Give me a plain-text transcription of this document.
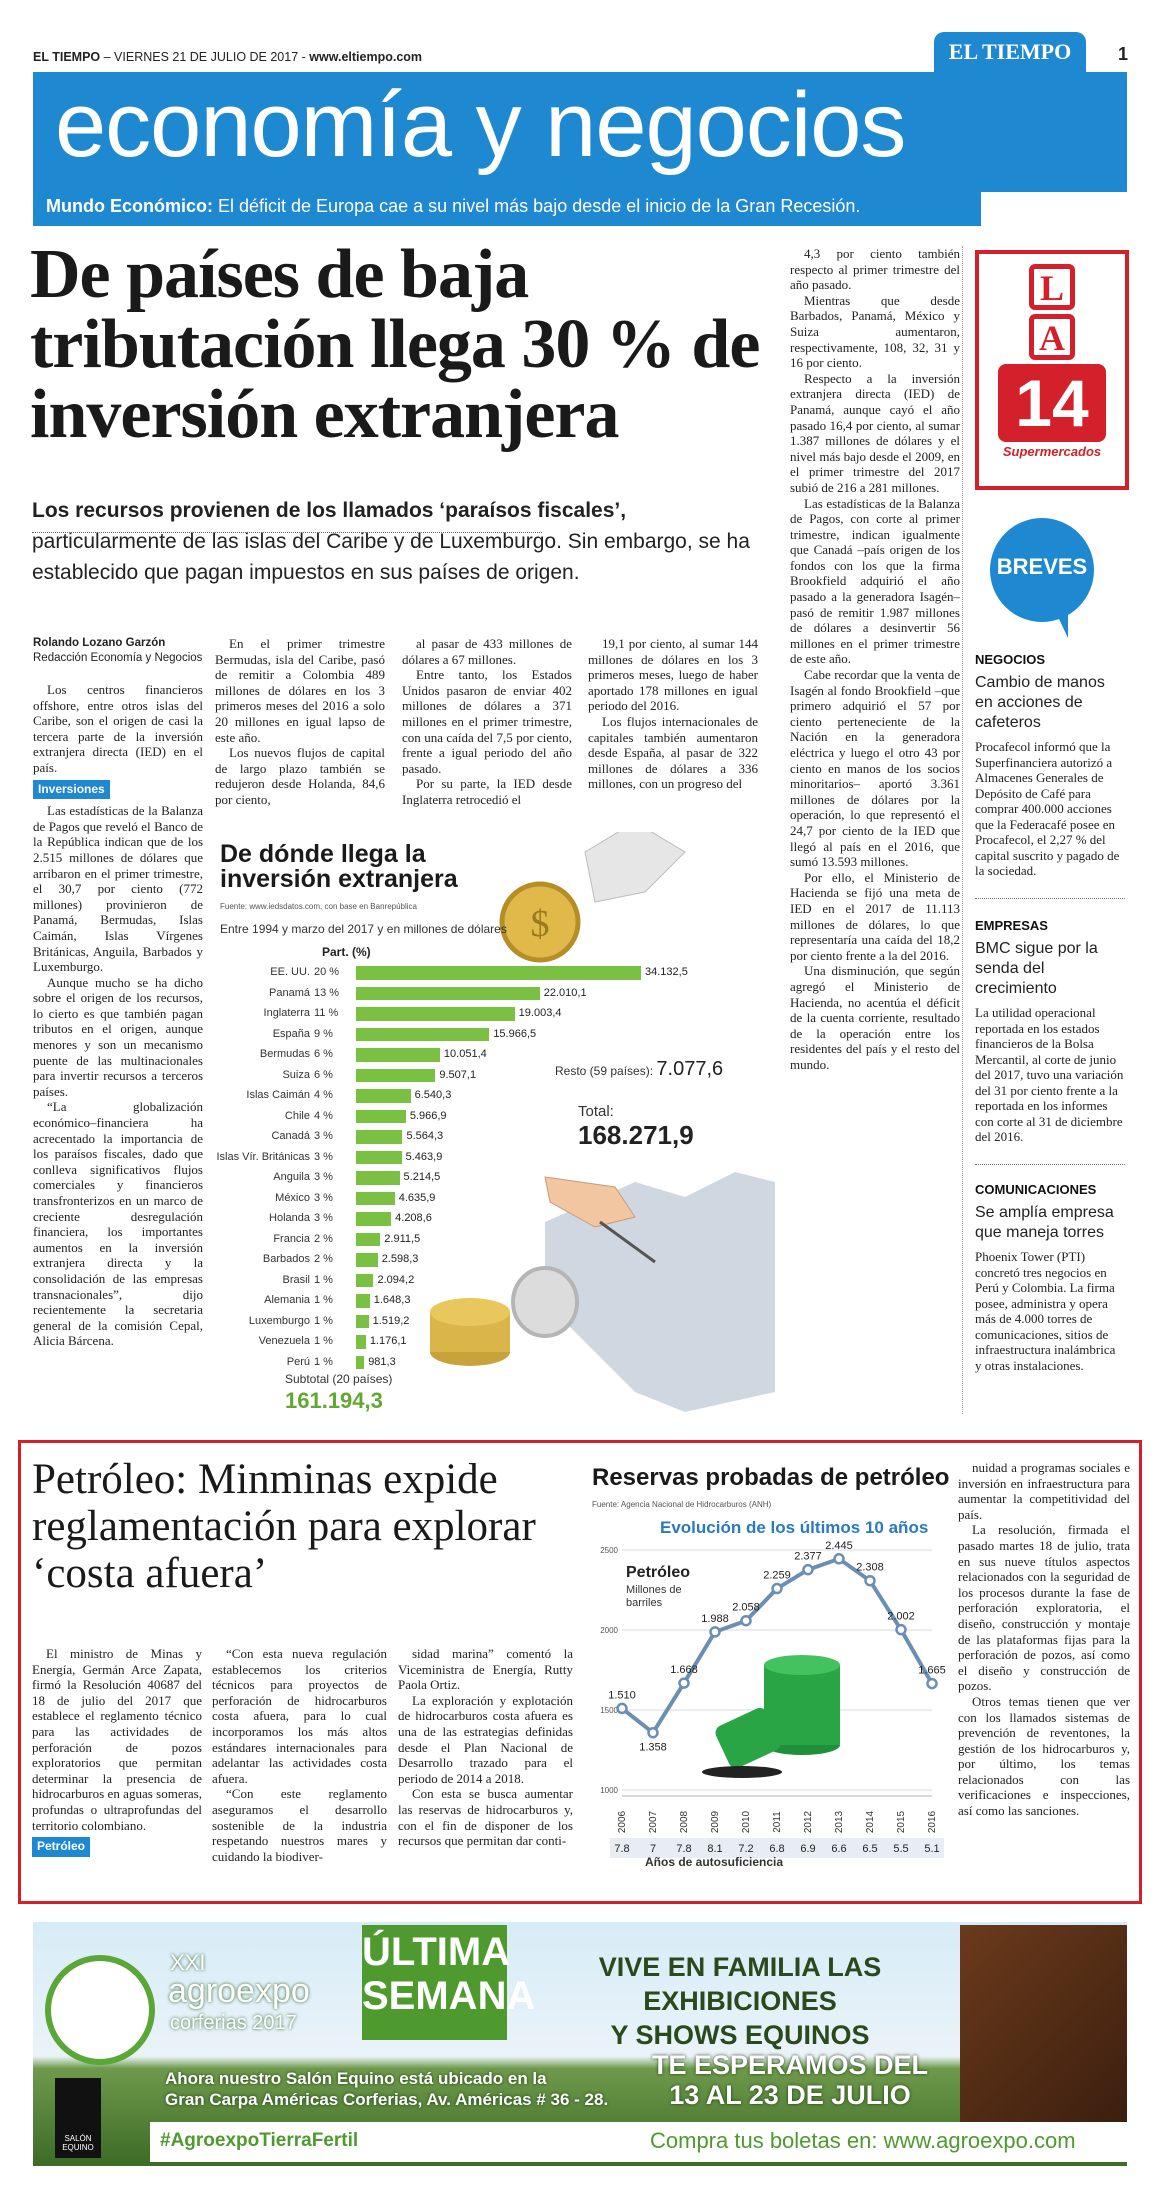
EL TIEMPO – VIERNES 21 DE JULIO DE 2017 - www.eltiempo.com	EL TIEMPO	1
economía y negocios
Mundo Económico: El déficit de Europa cae a su nivel más bajo desde el inicio de la Gran Recesión.
De países de baja tributación llega 30 % de inversión extranjera
Los recursos provienen de los llamados ‘paraísos fiscales’,
particularmente de las islas del Caribe y de Luxemburgo. Sin embargo, se ha establecido que pagan impuestos en sus países de origen.
Rolando Lozano Garzón
Redacción Economía y Negocios

Los centros financieros offshore, entre otros islas del Caribe, son el origen de casi la tercera parte de la inversión extranjera directa (IED) en el país.

Inversiones

Las estadísticas de la Balanza de Pagos que reveló el Banco de la República indican que de los 2.515 millones de dólares que arribaron en el primer trimestre, el 30,7 por ciento (772 millones) provinieron de Panamá, Bermudas, Islas Caimán, Islas Vírgenes Británicas, Anguila, Barbados y Luxemburgo.

Aunque mucho se ha dicho sobre el origen de los recursos, lo cierto es que también pagan tributos en el origen, aunque menores y son un mecanismo puente de las multinacionales para invertir recursos a terceros países.

“La globalización económico–financiera ha acrecentado la importancia de los paraísos fiscales, dado que conlleva significativos flujos comerciales y financieros transfronterizos en un marco de creciente desregulación financiera, los importantes aumentos en la inversión extranjera directa y la consolidación de las empresas transnacionales”, dijo recientemente la secretaria general de la comisión Cepal, Alicia Bárcena.

En el primer trimestre Bermudas, isla del Caribe, pasó de remitir a Colombia 489 millones de dólares en los 3 primeros meses del 2016 a solo 20 millones en igual lapso de este año.

Los nuevos flujos de capital de largo plazo también se redujeron desde Holanda, 84,6 por ciento,

al pasar de 433 millones de dólares a 67 millones.

Entre tanto, los Estados Unidos pasaron de enviar 402 millones de dólares a 371 millones en el primer trimestre, con una caída del 7,5 por ciento, frente a igual periodo del año pasado.

Por su parte, la IED desde Inglaterra retrocedió el

19,1 por ciento, al sumar 144 millones de dólares en los 3 primeros meses, luego de haber aportado 178 millones en igual periodo del 2016.

Los flujos internacionales de capitales también aumentaron desde España, al pasar de 322 millones de dólares a 336 millones, con un progreso del

4,3 por ciento también respecto al primer trimestre del año pasado.

Mientras que desde Barbados, Panamá, México y Suiza aumentaron, respectivamente, 108, 32, 31 y 16 por ciento.

Respecto a la inversión extranjera directa (IED) de Panamá, aunque cayó el año pasado 16,4 por ciento, al sumar 1.387 millones de dólares y el nivel más bajo desde el 2009, en el primer trimestre del 2017 subió de 216 a 281 millones.

Las estadísticas de la Balanza de Pagos, con corte al primer trimestre, indican igualmente que Canadá –país origen de los fondos con los que la firma Brookfield adquirió el año pasado a la generadora Isagén– pasó de remitir 1.987 millones de dólares a desinvertir 56 millones en el primer trimestre de este año.

Cabe recordar que la venta de Isagén al fondo Brookfield –que primero adquirió el 57 por ciento perteneciente de la Nación en la generadora eléctrica y luego el otro 43 por ciento en manos de los socios minoritarios– aportó 3.361 millones de dólares por la operación, lo que representó el 24,7 por ciento de la IED que llegó al país en el 2016, que sumó 13.593 millones.

Por ello, el Ministerio de Hacienda se fijó una meta de IED en el 2017 de 11.113 millones de dólares, lo que representaría una caída del 18,2 por ciento frente a la del 2016.

Una disminución, que según agregó el Ministerio de Hacienda, no acentúa el déficit de la cuenta corriente, resultado de la operación entre los residentes del país y el resto del mundo.

$
De dónde llega la inversión extranjera
Fuente: www.iedsdatos.com, con base en Banrepública
Entre 1994 y marzo del 2017 y en millones de dólares
Part. (%)
EE. UU. 20 %	34.132,5
Panamá 13 %	22.010,1
Inglaterra 11 %	19.003,4
España 9 %	15.966,5
Bermudas 6 %	10.051,4
Suiza 6 %	9.507,1
Islas Caimán 4 %	6.540,3
Chile 4 %	5.966,9
Canadá 3 %	5.564,3
Islas Vír. Británicas 3 %	5.463,9
Anguila 3 %	5.214,5
México 3 %	4.635,9
Holanda 3 %	4.208,6
Francia 2 %	2.911,5
Barbados 2 %	2.598,3
Brasil 1 %	2.094,2
Alemania 1 %	1.648,3
Luxemburgo 1 %	1.519,2
Venezuela 1 %	1.176,1
Perú 1 %	981,3
Resto (59 países): 7.077,6
Total:
168.271,9
Subtotal (20 países)
161.194,3
L
A
14
Supermercados
BREVES
NEGOCIOS
Cambio de manos en acciones de cafeteros
Procafecol informó que la Superfinanciera autorizó a Almacenes Generales de Depósito de Café para comprar 400.000 acciones que la Federacafé posee en Procafecol, el 2,27 % del capital suscrito y pagado de la sociedad.
EMPRESAS
BMC sigue por la senda del crecimiento
La utilidad operacional reportada en los estados financieros de la Bolsa Mercantil, al corte de junio del 2017, tuvo una variación del 31 por ciento frente a la reportada en los informes con corte al 31 de diciembre del 2016.
COMUNICACIONES
Se amplía empresa que maneja torres
Phoenix Tower (PTI) concretó tres negocios en Perú y Colombia. La firma posee, administra y opera más de 4.000 torres de comunicaciones, sitios de infraestructura inalámbrica y otras instalaciones.
Petróleo: Minminas expide reglamentación para explorar ‘costa afuera’

El ministro de Minas y Energía, Germán Arce Zapata, firmó la Resolución 40687 del 18 de julio del 2017 que establece el reglamento técnico para las actividades de perforación de pozos exploratorios que permitan determinar la presencia de hidrocarburos en aguas someras, profundas o ultraprofundas del territorio colombiano.

Petróleo

“Con esta nueva regulación establecemos los criterios técnicos para proyectos de perforación de hidrocarburos costa afuera, para lo cual incorporamos los más altos estándares internacionales para adelantar las actividades costa afuera.

“Con este reglamento aseguramos el desarrollo sostenible de la industria respetando nuestros mares y cuidando la biodiver-

sidad marina” comentó la Viceministra de Energía, Rutty Paola Ortiz.

La exploración y explotación de hidrocarburos costa afuera es una de las estrategias definidas desde el Plan Nacional de Desarrollo trazado para el periodo de 2014 a 2018.

Con esta se busca aumentar las reservas de hidrocarburos y, con el fin de disponer de los recursos que permitan dar conti-

nuidad a programas sociales e inversión en infraestructura para aumentar la competitividad del país.

La resolución, firmada el pasado martes 18 de julio, trata en sus nueve títulos aspectos relacionados con la seguridad de los procesos durante la fase de perforación exploratoria, el diseño, construcción y montaje de las plataformas fijas para la perforación de pozos, así como el diseño y construcción de pozos.

Otros temas tienen que ver con los llamados sistemas de prevención de reventones, la gestión de los hidrocarburos y, por último, los temas relacionados con las verificaciones e inspecciones, así como las sanciones.

Reservas probadas de petróleo
Fuente: Agencia Nacional de Hidrocarburos (ANH)
Evolución de los últimos 10 años
Petróleo
Millones de barriles
2500
2000
1500
1000
1.510
1.358
1.668
1.988
2.058
2.259
2.377
2.445
2.308
2.002
1.665
2006 2007 2008 2009 2010 2011 2012 2013 2014 2015 2016
7.8 7 7.8 8.1 7.2 6.8 6.9 6.6 6.5 5.5 5.1
Años de autosuficiencia
XXI
agroexpo
corferias 2017
ÚLTIMA
SEMANA
VIVE EN FAMILIA LAS EXHIBICIONES
Y SHOWS EQUINOS
TE ESPERAMOS DEL
13 AL 23 DE JULIO
Ahora nuestro Salón Equino está ubicado en la
Gran Carpa Américas Corferias, Av. Américas # 36 - 28.
SALÓN
EQUINO	#AgroexpoTierraFertil	Compra tus boletas en: www.agroexpo.com
